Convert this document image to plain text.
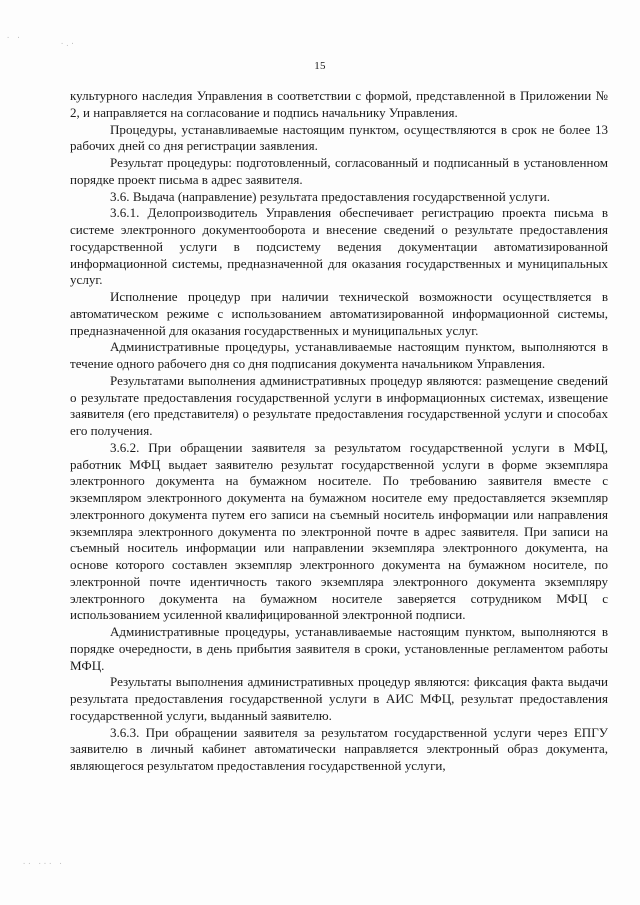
· ·
·.·
·· ··· ·
15

культурного наследия Управления в соответствии с формой, представленной в Приложении № 2, и направляется на согласование и подпись начальнику Управления.

Процедуры, устанавливаемые настоящим пунктом, осуществляются в срок не более 13 рабочих дней со дня регистрации заявления.

Результат процедуры: подготовленный, согласованный и подписанный в установленном порядке проект письма в адрес заявителя.

3.6. Выдача (направление) результата предоставления государственной услуги.

3.6.1. Делопроизводитель Управления обеспечивает регистрацию проекта письма в системе электронного документооборота и внесение сведений о результате предоставления государственной услуги в подсистему ведения документации автоматизированной информационной системы, предназначенной для оказания государственных и муниципальных услуг.

Исполнение процедур при наличии технической возможности осуществляется в автоматическом режиме с использованием автоматизированной информационной системы, предназначенной для оказания государственных и муниципальных услуг.

Административные процедуры, устанавливаемые настоящим пунктом, выполняются в течение одного рабочего дня со дня подписания документа начальником Управления.

Результатами выполнения административных процедур являются: размещение сведений о результате предоставления государственной услуги в информационных системах, извещение заявителя (его представителя) о результате предоставления государственной услуги и способах его получения.

3.6.2. При обращении заявителя за результатом государственной услуги в МФЦ, работник МФЦ выдает заявителю результат государственной услуги в форме экземпляра электронного документа на бумажном носителе. По требованию заявителя вместе с экземпляром электронного документа на бумажном носителе ему предоставляется экземпляр электронного документа путем его записи на съемный носитель информации или направления экземпляра электронного документа по электронной почте в адрес заявителя. При записи на съемный носитель информации или направлении экземпляра электронного документа, на основе которого составлен экземпляр электронного документа на бумажном носителе, по электронной почте идентичность такого экземпляра электронного документа экземпляру электронного документа на бумажном носителе заверяется сотрудником МФЦ с использованием усиленной квалифицированной электронной подписи.

Административные процедуры, устанавливаемые настоящим пунктом, выполняются в порядке очередности, в день прибытия заявителя в сроки, установленные регламентом работы МФЦ.

Результаты выполнения административных процедур являются: фиксация факта выдачи результата предоставления государственной услуги в АИС МФЦ, результат предоставления государственной услуги, выданный заявителю.

3.6.3. При обращении заявителя за результатом государственной услуги через ЕПГУ заявителю в личный кабинет автоматически направляется электронный образ документа, являющегося результатом предоставления государственной услуги,
